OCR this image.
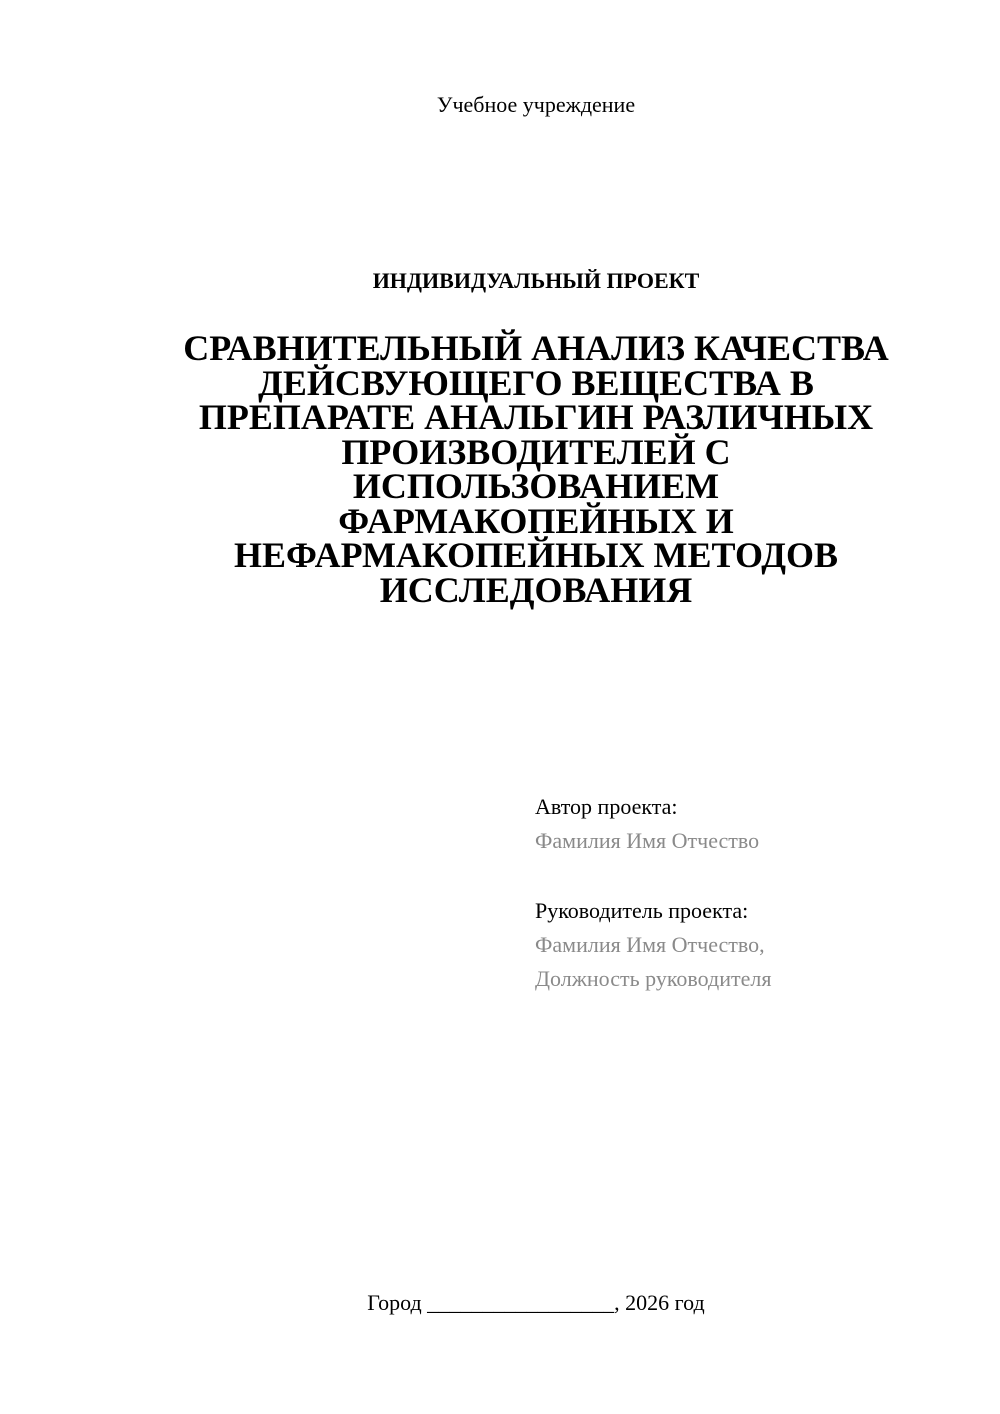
Учебное учреждение
ИНДИВИДУАЛЬНЫЙ ПРОЕКТ
СРАВНИТЕЛЬНЫЙ АНАЛИЗ КАЧЕСТВА
ДЕЙСВУЮЩЕГО ВЕЩЕСТВА В
ПРЕПАРАТЕ АНАЛЬГИН РАЗЛИЧНЫХ
ПРОИЗВОДИТЕЛЕЙ С
ИСПОЛЬЗОВАНИЕМ
ФАРМАКОПЕЙНЫХ И
НЕФАРМАКОПЕЙНЫХ МЕТОДОВ
ИССЛЕДОВАНИЯ
Автор проекта:
Фамилия Имя Отчество
Руководитель проекта:
Фамилия Имя Отчество,
Должность руководителя
Город _________________, 2026 год
